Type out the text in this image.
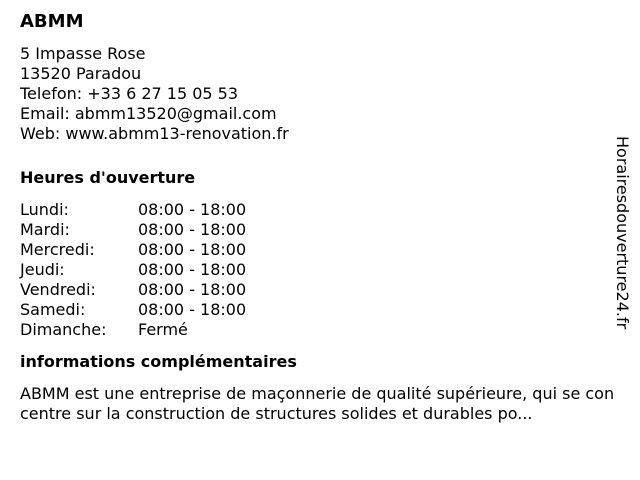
ABMM
5 Impasse Rose
13520 Paradou
Telefon: +33 6 27 15 05 53
Email: abmm13520@gmail.com
Web: www.abmm13-renovation.fr
Heures d'ouverture
Lundi:	08:00 - 18:00
Mardi:	08:00 - 18:00
Mercredi:	08:00 - 18:00
Jeudi:	08:00 - 18:00
Vendredi:	08:00 - 18:00
Samedi:	08:00 - 18:00
Dimanche:	Fermé
informations complémentaires
ABMM est une entreprise de maçonnerie de qualité supérieure, qui se concentre sur la construction de structures solides et durables po...
Horairesdouverture24.fr
